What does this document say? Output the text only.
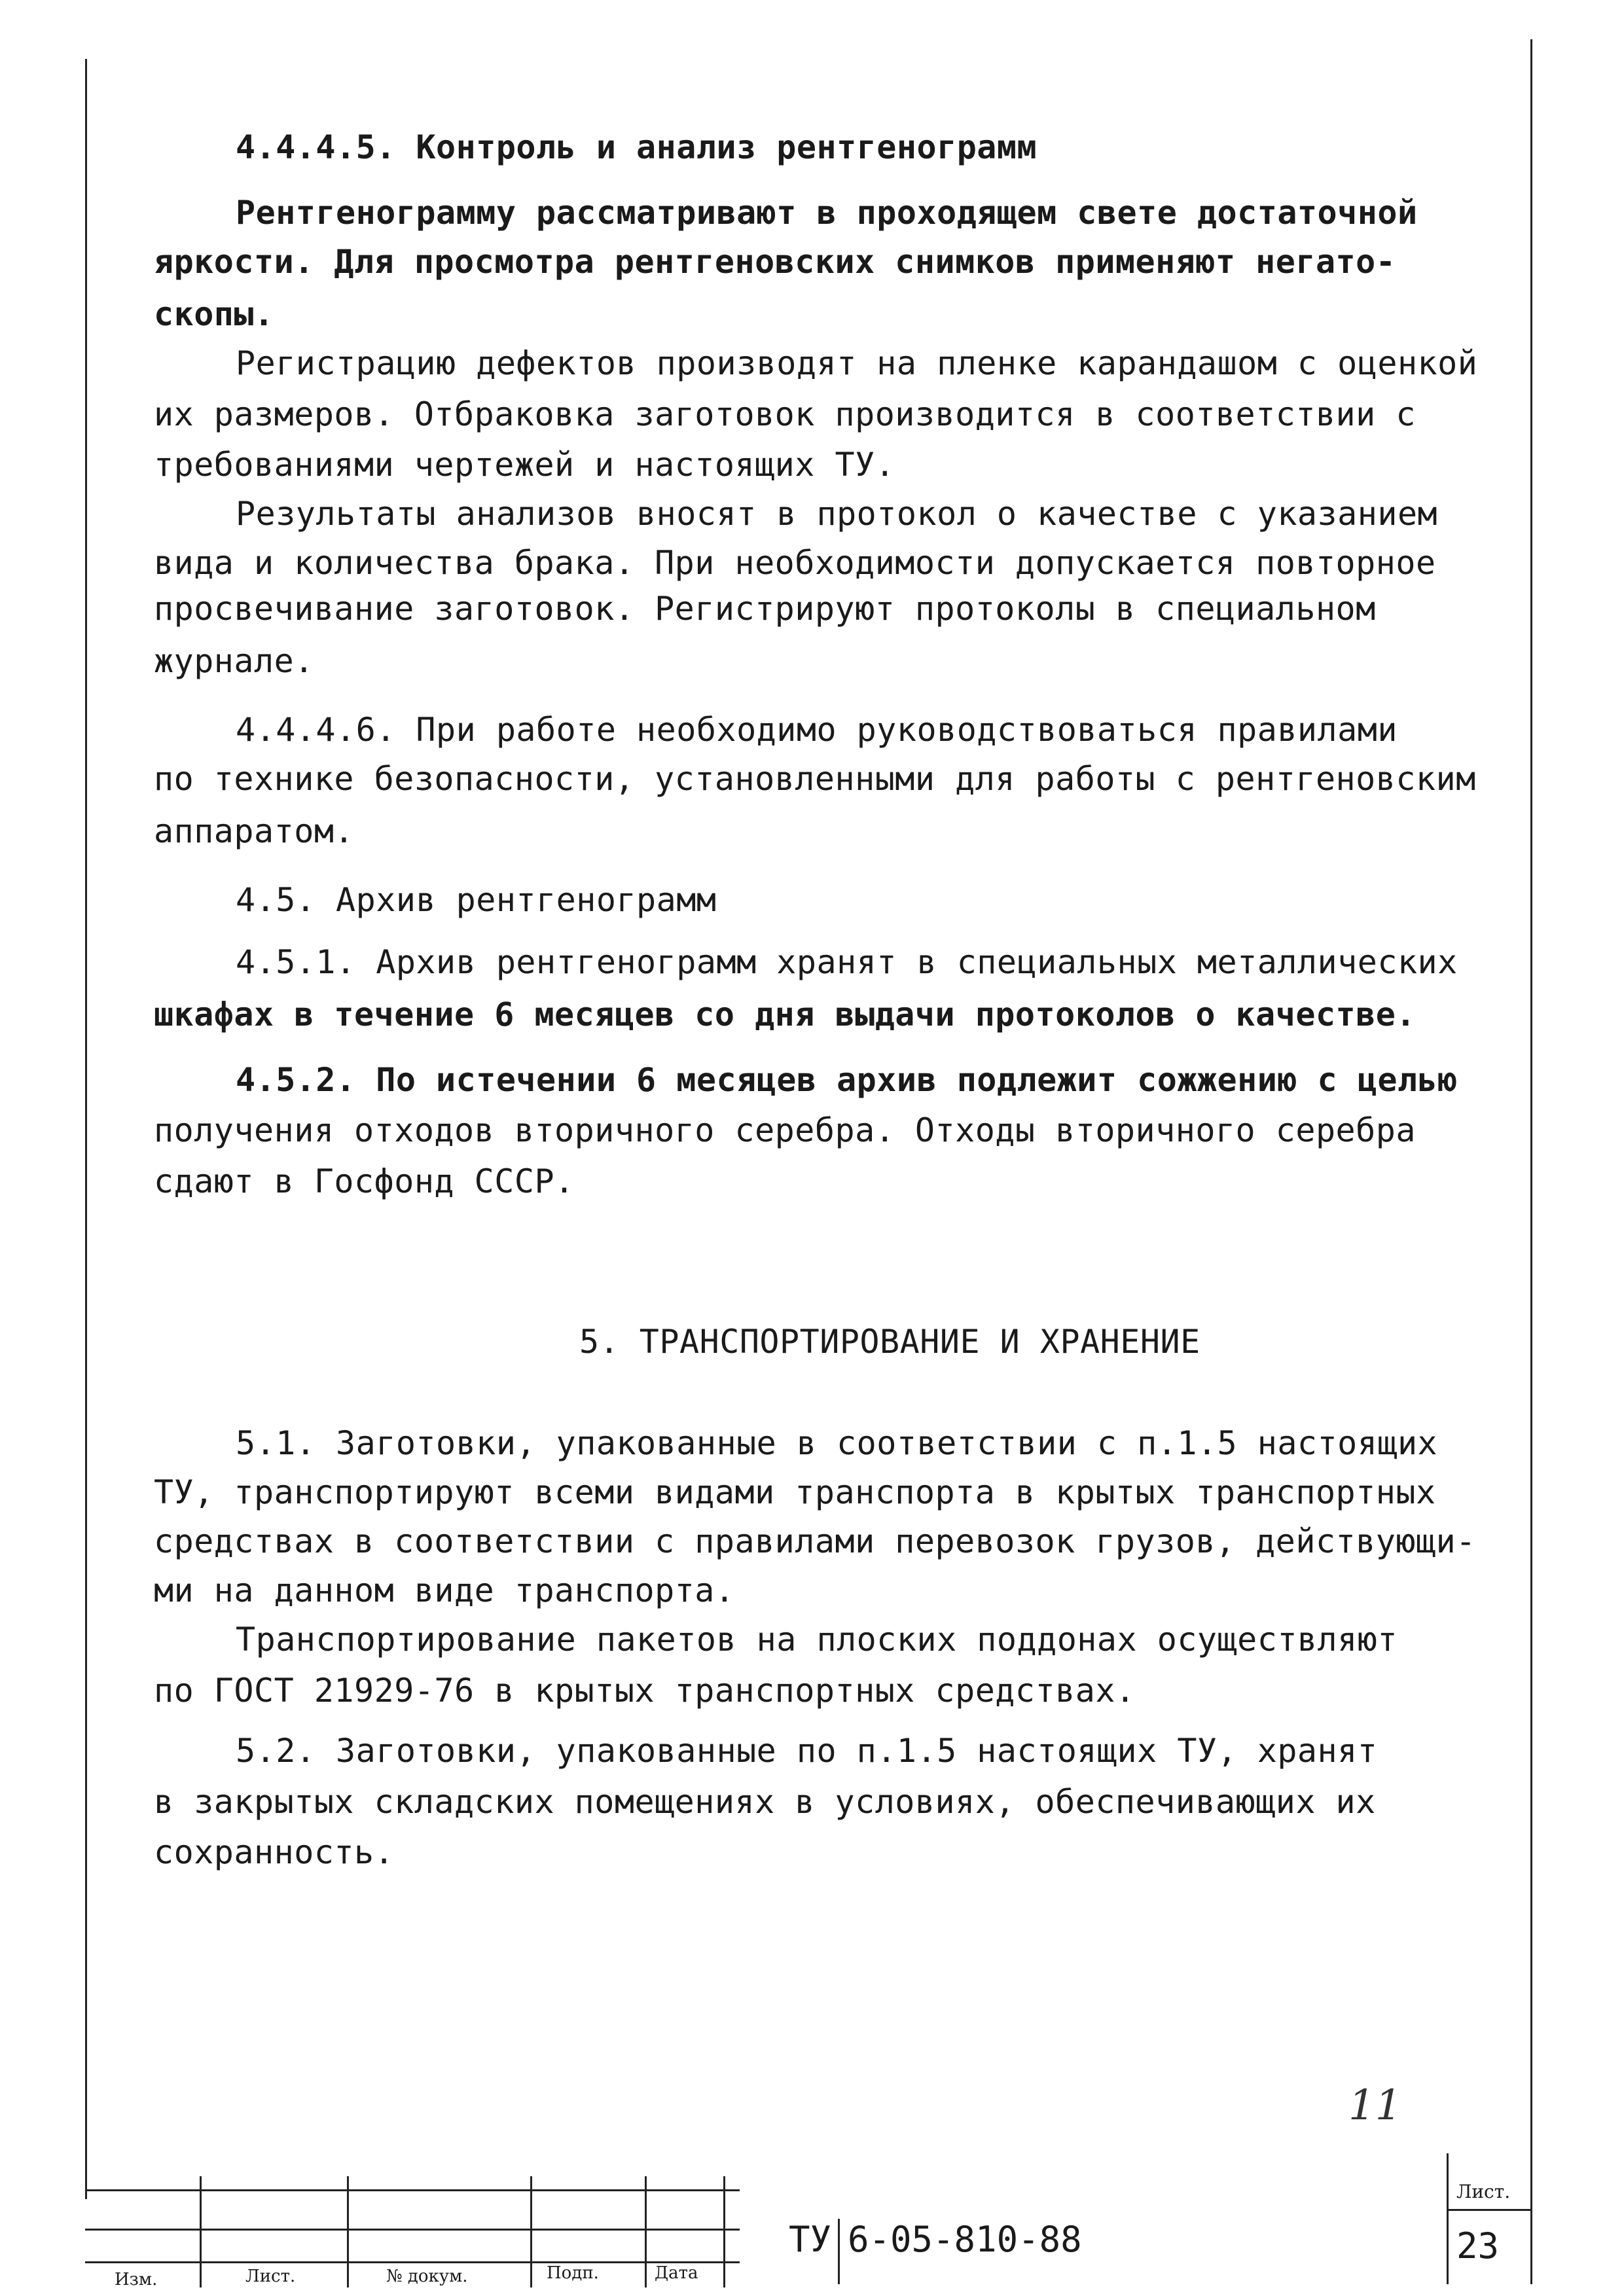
4.4.4.5. Контроль и анализ рентгенограмм
Рентгенограмму рассматривают в проходящем свете достаточной
яркости. Для просмотра рентгеновских снимков применяют негато-
скопы.
Регистрацию дефектов производят на пленке карандашом с оценкой
их размеров. Отбраковка заготовок производится в соответствии с
требованиями чертежей и настоящих ТУ.
Результаты анализов вносят в протокол о качестве с указанием
вида и количества брака. При необходимости допускается повторное
просвечивание заготовок. Регистрируют протоколы в специальном
журнале.
4.4.4.6. При работе необходимо руководствоваться правилами
по технике безопасности, установленными для работы с рентгеновским
аппаратом.
4.5. Архив рентгенограмм
4.5.1. Архив рентгенограмм хранят в специальных металлических
шкафах в течение 6 месяцев со дня выдачи протоколов о качестве.
4.5.2. По истечении 6 месяцев архив подлежит сожжению с целью
получения отходов вторичного серебра. Отходы вторичного серебра
сдают в Госфонд СССР.
5. ТРАНСПОРТИРОВАНИЕ И ХРАНЕНИЕ
5.1. Заготовки, упакованные в соответствии с п.1.5 настоящих
ТУ, транспортируют всеми видами транспорта в крытых транспортных
средствах в соответствии с правилами перевозок грузов, действующи-
ми на данном виде транспорта.
Транспортирование пакетов на плоских поддонах осуществляют
по ГОСТ 21929-76 в крытых транспортных средствах.
5.2. Заготовки, упакованные по п.1.5 настоящих ТУ, хранят
в закрытых складских помещениях в условиях, обеспечивающих их
сохранность.
11
Изм.	Лист.	№ докум.	Подп.	Дата
ТУ 6-05-810-88
Лист.
23
